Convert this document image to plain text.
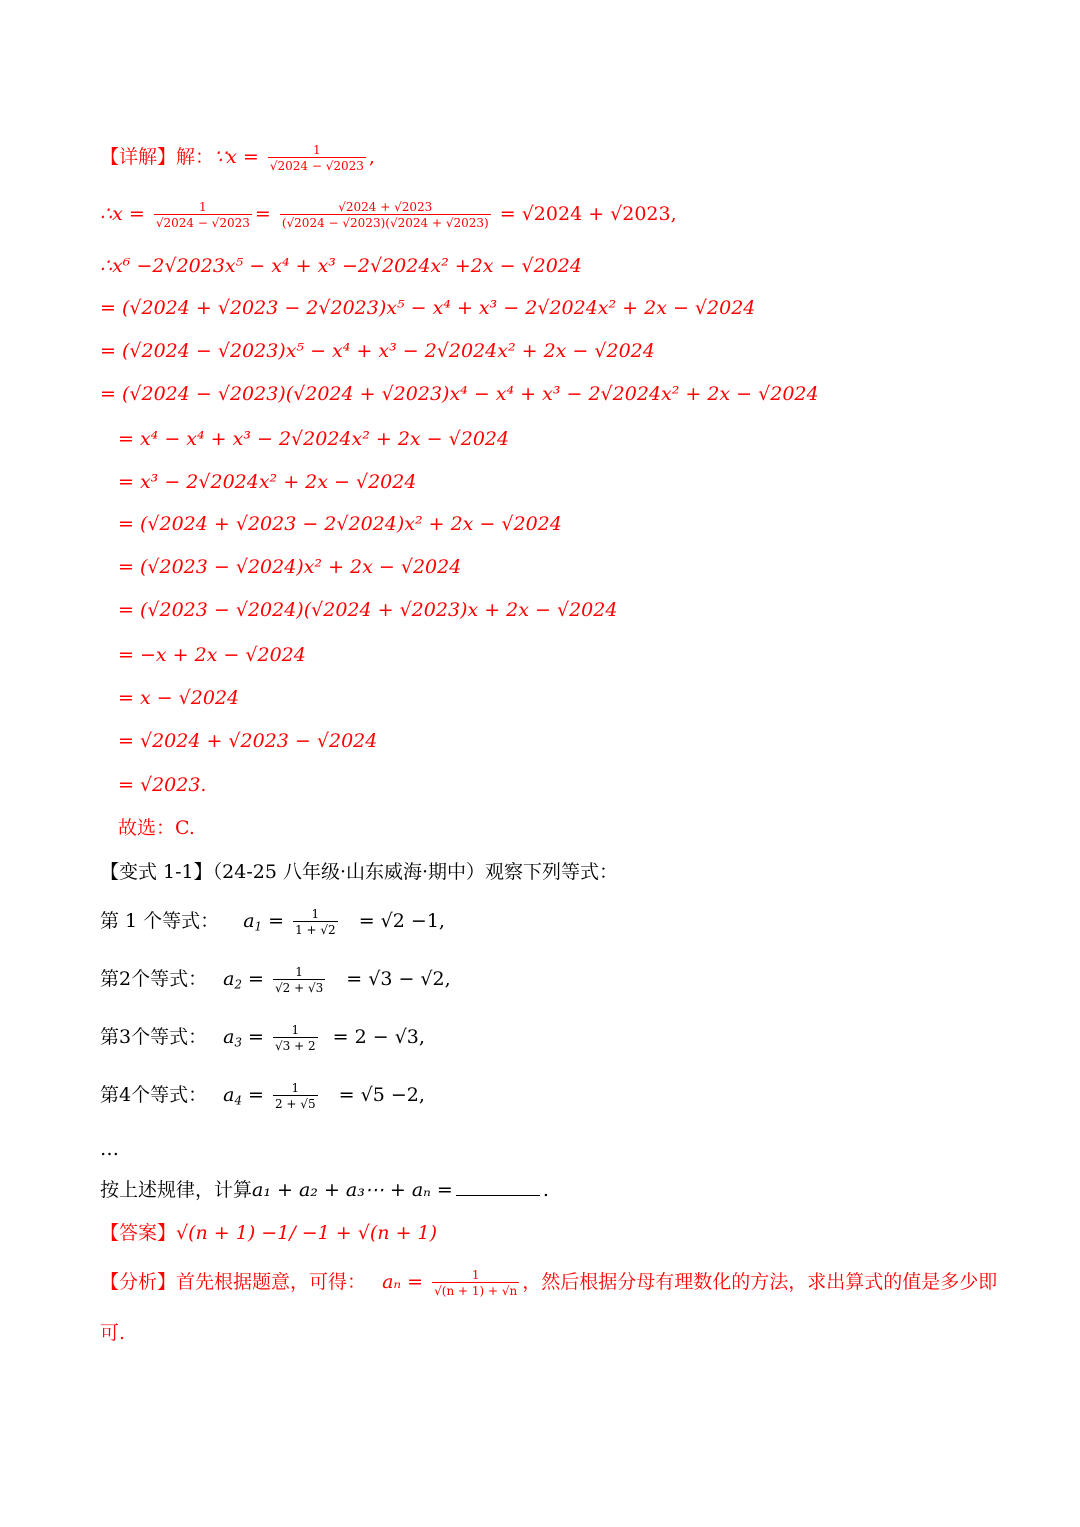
【详解】解：∵x = $\frac{1}{√2024 - √2023}$ ,
∴x = $\frac{1}{√2024 - √2023} = \frac{√2024 + √2023}{(√2024 - √2023)(√2024 + √2023)} = √2024 + √2023$,
∴x⁶ −2√2023x⁵ − x⁴ + x³ −2√2024x² +2x − √2024
= (√2024 + √2023 − 2√2023)x⁵ − x⁴ + x³ − 2√2024x² + 2x − √2024
= (√2024 − √2023)x⁵ − x⁴ + x³ − 2√2024x² + 2x − √2024
= (√2024 − √2023)(√2024 + √2023)x⁴ − x⁴ + x³ − 2√2024x² + 2x − √2024
= x⁴ − x⁴ + x³ − 2√2024x² + 2x − √2024
= x³ − 2√2024x² + 2x − √2024
= (√2024 + √2023 − 2√2024)x² + 2x − √2024
= (√2023 − √2024)x² + 2x − √2024
= (√2023 − √2024)(√2024 + √2023)x + 2x − √2024
= −x + 2x − √2024
= x − √2024
= √2024 + √2023 − √2024
= √2023.
故选：C.
【变式 1-1】（24-25 八年级·山东威海·期中）观察下列等式：
第 1 个等式： $a_1 = \frac{1}{1 + √2} = √2 -1$,
第2个等式： $a_2 = \frac{1}{√2 + √3} = √3 - √2$,
第3个等式： $a_3 = \frac{1}{√3 + 2} = 2 - √3$,
第4个等式： $a_4 = \frac{1}{2 + √5} = √5 -2$,
…
按上述规律，计算a₁ + a₂ + a₃⋯ + aₙ =	.
【答案】√(n + 1) −1/ −1 + √(n + 1)
【分析】首先根据题意，可得： $a_n = \frac{1}{√(n + 1) + √n}$ ，然后根据分母有理数化的方法，求出算式的值是多少即
可.
